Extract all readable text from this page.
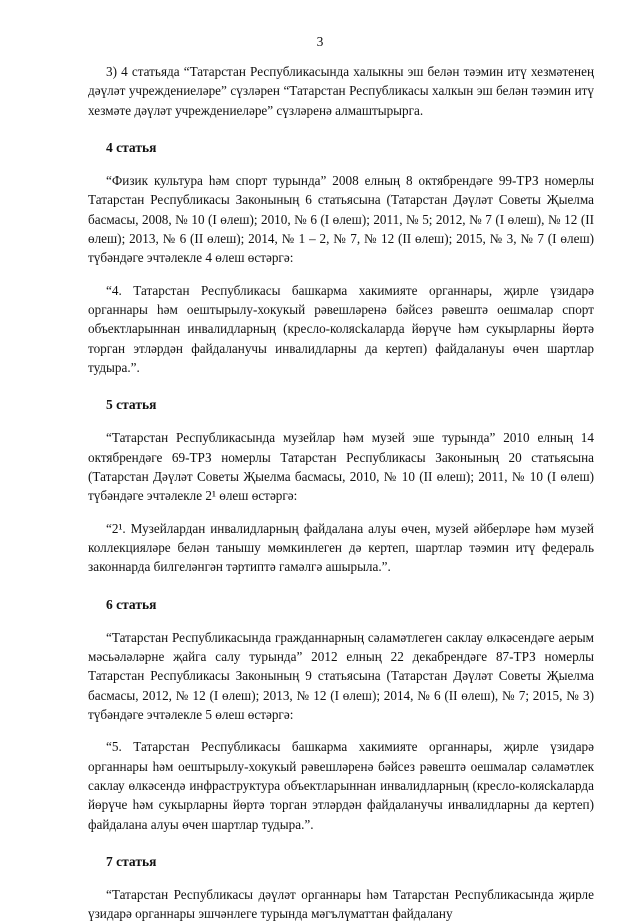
3

3) 4 статьяда “Татарстан Республикасында халыкны эш белән тәэмин итү хезмәтенең дәүләт учреждениеләре” сүзләрен “Татарстан Республикасы халкын эш белән тәэмин итү хезмәте дәүләт учреждениеләре” сүзләренә алмаштырырга.

4 статья

“Физик культура һәм спорт турында” 2008 елның 8 октябрендәге 99-ТРЗ номерлы Татарстан Республикасы Законының 6 статьясына (Татарстан Дәүләт Советы Җыелма басмасы, 2008, № 10 (I өлеш); 2010, № 6 (I өлеш); 2011, № 5; 2012, № 7 (I өлеш), № 12 (II өлеш); 2013, № 6 (II өлеш); 2014, № 1 – 2, № 7, № 12 (II өлеш); 2015, № 3, № 7 (I өлеш) түбәндәге эчтәлекле 4 өлеш өстәргә:

“4. Татарстан Республикасы башкарма хакимияте органнары, җирле үзидарә органнары һәм оештырылу-хокукый рәвешләренә бәйсез рәвештә оешмалар спорт объектларыннан инвалидларның (кресло-колясkaларда йөрүче һәм сукырларны йөртә торган этләрдән файдаланучы инвалидларны да кертеп) файдалануы өчен шартлар тудыра.”.

5 статья

“Татарстан Республикасында музейлар һәм музей эше турында” 2010 елның 14 октябрендәге 69-ТРЗ номерлы Татарстан Республикасы Законының 20 статьясына (Татарстан Дәүләт Советы Җыелма басмасы, 2010, № 10 (II өлеш); 2011, № 10 (I өлеш) түбәндәге эчтәлекле 2¹ өлеш өстәргә:

“2¹. Музейлардан инвалидларның файдалана алуы өчен, музей әйберләре һәм музей коллекцияләре белән танышу мөмкинлеген дә кертеп, шартлар тәэмин итү федераль законнарда билгеләнгән тәртиптә гамәлгә ашырыла.”.

6 статья

“Татарстан Республикасында гражданнарның сәламәтлеген саклау өлкәсендәге аерым мәсьәләләрне җайга салу турында” 2012 елның 22 декабрендәге 87-ТРЗ номерлы Татарстан Республикасы Законының 9 статьясына (Татарстан Дәүләт Советы Җыелма басмасы, 2012, № 12 (I өлеш); 2013, № 12 (I өлеш); 2014, № 6 (II өлеш), № 7; 2015, № 3) түбәндәге эчтәлекле 5 өлеш өстәргә:

“5. Татарстан Республикасы башкарма хакимияте органнары, җирле үзидарә органнары һәм оештырылу-хокукый рәвешләренә бәйсез рәвештә оешмалар сәламәтлек саклау өлкәсендә инфраструктура объектларыннан инвалидларның (кресло-колясkaларда йөрүче һәм сукырларны йөртә торган этләрдән файдаланучы инвалидларны да кертеп) файдалана алуы өчен шартлар тудыра.”.

7 статья

“Татарстан Республикасы дәүләт органнары һәм Татарстан Республикасында җирле үзидарә органнары эшчәнлеге турында мәгълүматтан файдалану
